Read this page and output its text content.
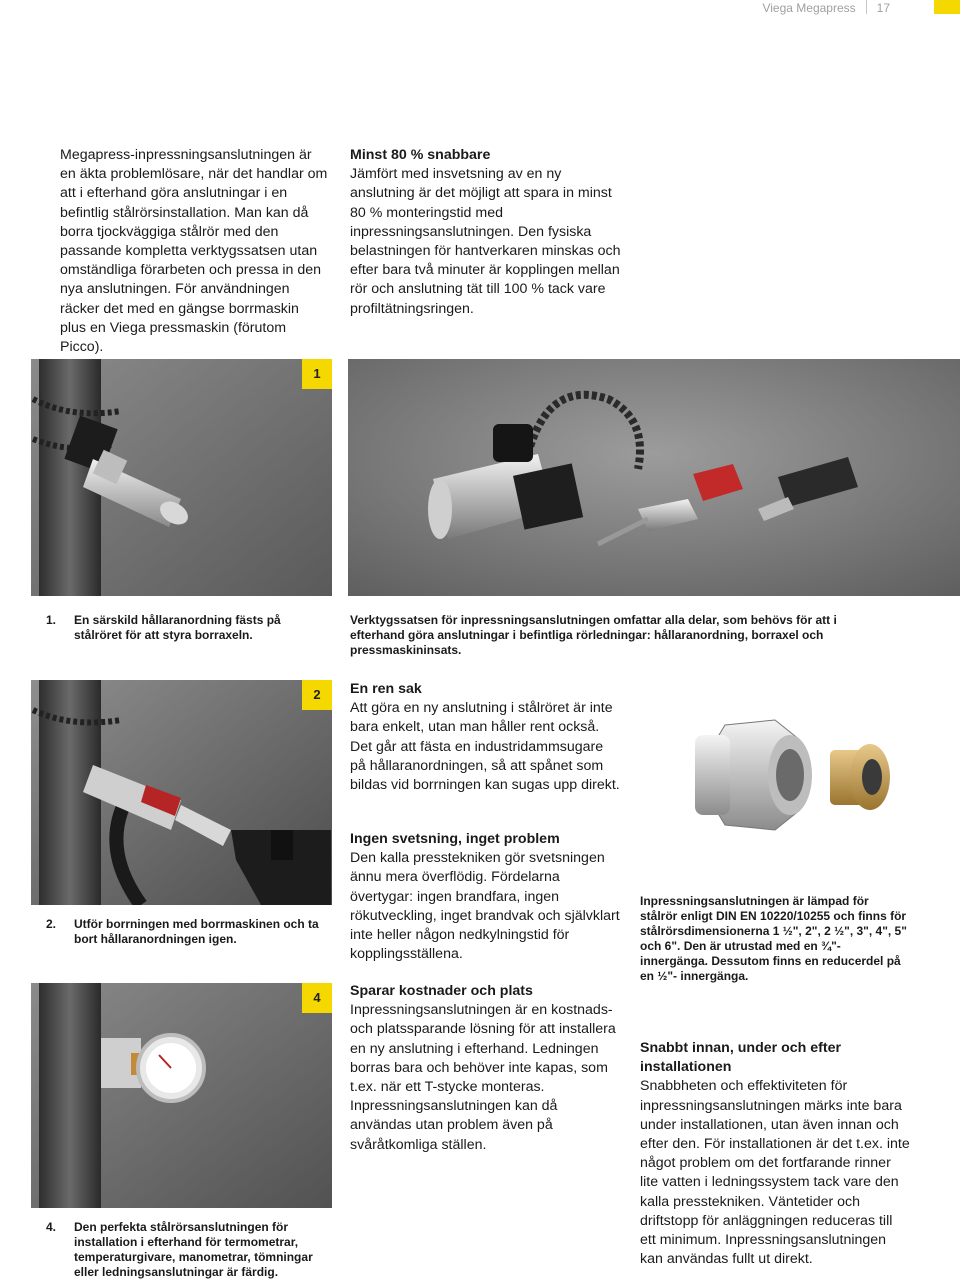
Viega Megapress 17

Megapress-inpressningsanslutningen är en äkta problemlösare, när det handlar om att i efterhand göra anslutningar i en befintlig stålrörsinstallation. Man kan då borra tjockväggiga stålrör med den passande kompletta verktygssatsen utan omständliga förarbeten och pressa in den nya anslutningen. För användningen räcker det med en gängse borrmaskin plus en Viega pressmaskin (förutom Picco).

Minst 80 % snabbare

Jämfört med insvetsning av en ny anslutning är det möjligt att spara in minst 80 % monteringstid med inpressningsanslutningen. Den fysiska belastningen för hantverkaren minskas och efter bara två minuter är kopplingen mellan rör och anslutning tät till 100 % tack vare profiltätningsringen.

1

1. En särskild hållaranordning fästs på stålröret för att styra borraxeln.

Verktygssatsen för inpressningsanslutningen omfattar alla delar, som behövs för att i efterhand göra anslutningar i befintliga rörledningar: hållaranordning, borraxel och pressmaskininsats.

2	En ren sak

Att göra en ny anslutning i stålröret är inte bara enkelt, utan man håller rent också. Det går att fästa en industridammsugare på hållaranordningen, så att spånet som bildas vid borrningen kan sugas upp direkt.

2. Utför borrningen med borrmaskinen och ta bort hållaranordningen igen.

4

4. Den perfekta stålrörsanslutningen för installation i efterhand för termometrar, temperaturgivare, manometrar, tömningar eller ledningsanslutningar är färdig.

Ingen svetsning, inget problem

Den kalla presstekniken gör svetsningen ännu mera överflödig. Fördelarna övertygar: ingen brandfara, ingen rökutveckling, inget brandvak och självklart inte heller någon nedkylningstid för kopplingsställena.

Sparar kostnader och plats

Inpressningsanslutningen är en kostnads- och platssparande lösning för att installera en ny anslutning i efterhand. Ledningen borras bara och behöver inte kapas, som t.ex. när ett T-stycke monteras. Inpressningsanslutningen kan då användas utan problem även på svåråtkomliga ställen.

Inpressningsanslutningen är lämpad för stålrör enligt DIN EN 10220/10255 och finns för stålrörsdimensionerna 1 ½", 2", 2 ½", 3", 4", 5" och 6". Den är utrustad med en ¾"-innergänga. Dessutom finns en reducerdel på en ½"- innergänga.

Snabbt innan, under och efter installationen

Snabbheten och effektiviteten för inpressningsanslutningen märks inte bara under installationen, utan även innan och efter den. För installationen är det t.ex. inte något problem om det fortfarande rinner lite vatten i ledningssystem tack vare den kalla presstekniken. Väntetider och driftstopp för anläggningen reduceras till ett minimum. Inpressningsanslutningen kan användas fullt ut direkt.
